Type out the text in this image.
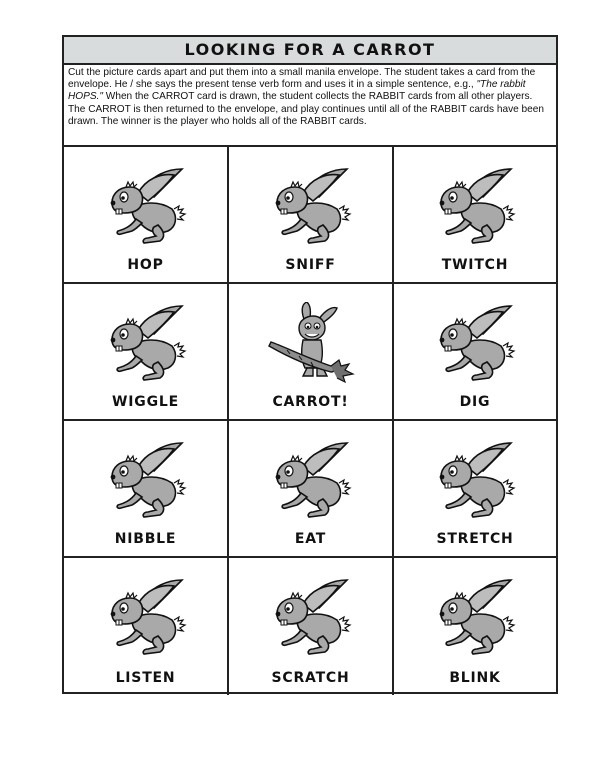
LOOKING FOR A CARROT
Cut the picture cards apart and put them into a small manila envelope. The student takes a card from the envelope. He / she says the present tense verb form and uses it in a simple sentence, e.g., "The rabbit HOPS." When the CARROT card is drawn, the student collects the RABBIT cards from all other players. The CARROT is then returned to the envelope, and play continues until all of the RABBIT cards have been drawn. The winner is the player who holds all of the RABBIT cards.
HOP	SNIFF	TWITCH
WIGGLE	CARROT!	DIG
NIBBLE	EAT	STRETCH
LISTEN	SCRATCH	BLINK
